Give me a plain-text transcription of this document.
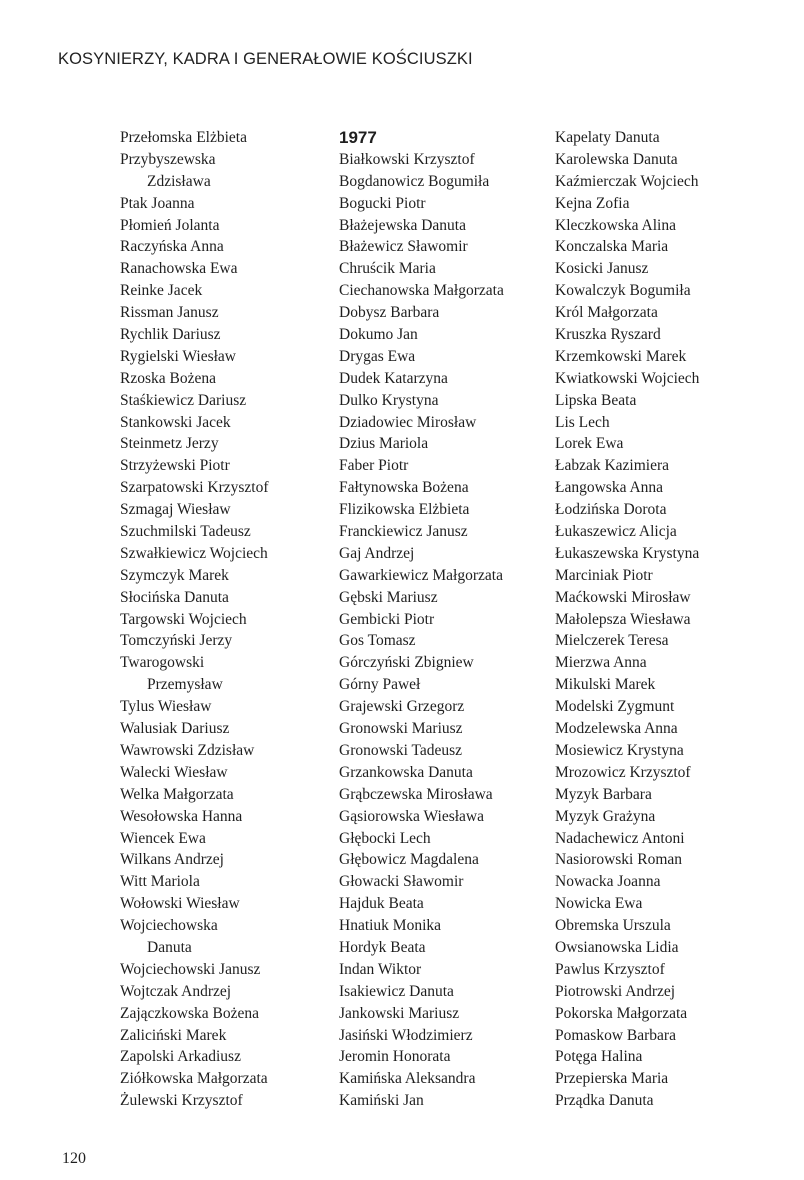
KOSYNIERZY, KADRA I GENERAŁOWIE KOŚCIUSZKI
Przełomska Elżbieta
Przybyszewska
Zdzisława
Ptak Joanna
Płomień Jolanta
Raczyńska Anna
Ranachowska Ewa
Reinke Jacek
Rissman Janusz
Rychlik Dariusz
Rygielski Wiesław
Rzoska Bożena
Staśkiewicz Dariusz
Stankowski Jacek
Steinmetz Jerzy
Strzyżewski Piotr
Szarpatowski Krzysztof
Szmagaj Wiesław
Szuchmilski Tadeusz
Szwałkiewicz Wojciech
Szymczyk Marek
Słocińska Danuta
Targowski Wojciech
Tomczyński Jerzy
Twarogowski
Przemysław
Tylus Wiesław
Walusiak Dariusz
Wawrowski Zdzisław
Walecki Wiesław
Welka Małgorzata
Wesołowska Hanna
Wiencek Ewa
Wilkans Andrzej
Witt Mariola
Wołowski Wiesław
Wojciechowska
Danuta
Wojciechowski Janusz
Wojtczak Andrzej
Zajączkowska Bożena
Zaliciński Marek
Zapolski Arkadiusz
Ziółkowska Małgorzata
Żulewski Krzysztof
1977
Białkowski Krzysztof
Bogdanowicz Bogumiła
Bogucki Piotr
Błażejewska Danuta
Błażewicz Sławomir
Chruścik Maria
Ciechanowska Małgorzata
Dobysz Barbara
Dokumo Jan
Drygas Ewa
Dudek Katarzyna
Dulko Krystyna
Dziadowiec Mirosław
Dzius Mariola
Faber Piotr
Fałtynowska Bożena
Flizikowska Elżbieta
Franckiewicz Janusz
Gaj Andrzej
Gawarkiewicz Małgorzata
Gębski Mariusz
Gembicki Piotr
Gos Tomasz
Górczyński Zbigniew
Górny Paweł
Grajewski Grzegorz
Gronowski Mariusz
Gronowski Tadeusz
Grzankowska Danuta
Grąbczewska Mirosława
Gąsiorowska Wiesława
Głębocki Lech
Głębowicz Magdalena
Głowacki Sławomir
Hajduk Beata
Hnatiuk Monika
Hordyk Beata
Indan Wiktor
Isakiewicz Danuta
Jankowski Mariusz
Jasiński Włodzimierz
Jeromin Honorata
Kamińska Aleksandra
Kamiński Jan
Kapelaty Danuta
Karolewska Danuta
Kaźmierczak Wojciech
Kejna Zofia
Kleczkowska Alina
Konczalska Maria
Kosicki Janusz
Kowalczyk Bogumiła
Król Małgorzata
Kruszka Ryszard
Krzemkowski Marek
Kwiatkowski Wojciech
Lipska Beata
Lis Lech
Lorek Ewa
Łabzak Kazimiera
Łangowska Anna
Łodzińska Dorota
Łukaszewicz Alicja
Łukaszewska Krystyna
Marciniak Piotr
Maćkowski Mirosław
Małolepsza Wiesława
Mielczerek Teresa
Mierzwa Anna
Mikulski Marek
Modelski Zygmunt
Modzelewska Anna
Mosiewicz Krystyna
Mrozowicz Krzysztof
Myzyk Barbara
Myzyk Grażyna
Nadachewicz Antoni
Nasiorowski Roman
Nowacka Joanna
Nowicka Ewa
Obremska Urszula
Owsianowska Lidia
Pawlus Krzysztof
Piotrowski Andrzej
Pokorska Małgorzata
Pomaskow Barbara
Potęga Halina
Przepierska Maria
Prządka Danuta
120
